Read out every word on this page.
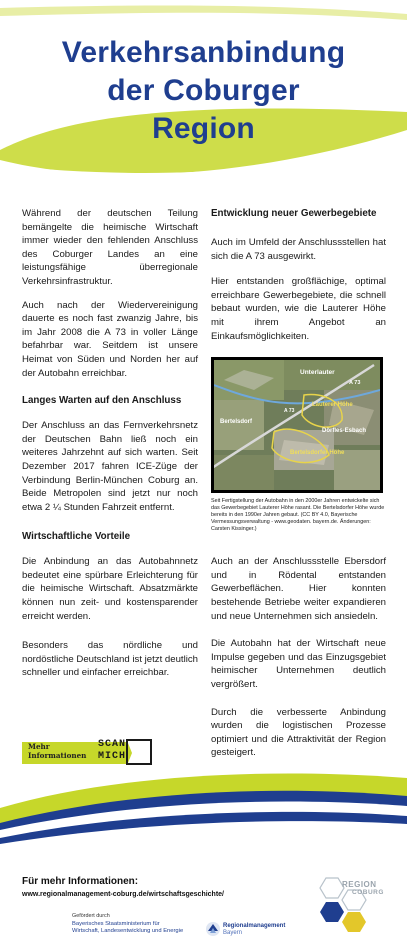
Verkehrsanbindung
der Coburger
Region

Während der deutschen Teilung bemängelte die heimische Wirtschaft immer wieder den fehlenden Anschluss des Coburger Landes an eine leistungsfähige überregionale Verkehrsinfrastruktur.

Auch nach der Wiedervereinigung dauerte es noch fast zwanzig Jahre, bis im Jahr 2008 die A 73 in voller Länge befahrbar war. Seitdem ist unsere Heimat von Süden und Norden her auf der Autobahn erreichbar.

Langes Warten auf den Anschluss

Der Anschluss an das Fernverkehrsnetz der Deutschen Bahn ließ noch ein weiteres Jahrzehnt auf sich warten. Seit Dezember 2017 fahren ICE-Züge der Verbindung Berlin-München Coburg an. Beide Metropolen sind jetzt nur noch etwa 2 ¼ Stunden Fahrzeit entfernt.

Wirtschaftliche Vorteile

Die Anbindung an das Autobahnnetz bedeutet eine spürbare Erleichterung für die heimische Wirtschaft. Absatzmärkte können nun zeit- und kostensparender erreicht werden.

Besonders das nördliche und nordöstliche Deutschland ist jetzt deutlich schneller und einfacher erreichbar.

Entwicklung neuer Gewerbegebiete

Auch im Umfeld der Anschlussstellen hat sich die A 73 ausgewirkt.

Hier entstanden großflächige, optimal erreichbare Gewerbegebiete, die schnell bebaut wurden, wie die Lauterer Höhe mit ihrem Angebot an Einkaufsmöglichkeiten.

Unterlauter
A 73
Lauterer Höhe
Bertelsdorf
A 73
Dörfles-Esbach
Bertelsdorfer Höhe
Seit Fertigstellung der Autobahn in den 2000er Jahren entwickelte sich das Gewerbegebiet Lauterer Höhe rasant. Die Bertelsdorfer Höhe wurde bereits in den 1990er Jahren gebaut. (CC BY 4.0, Bayerische Vermessungsverwaltung - www.geodaten. bayern.de. Änderungen: Carsten Kissinger.)

Auch an der Anschlussstelle Ebersdorf und in Rödental entstanden Gewerbeflächen. Hier konnten bestehende Betriebe weiter expandieren und neue Unternehmen sich ansiedeln.

Die Autobahn hat der Wirtschaft neue Impulse gegeben und das Einzugsgebiet heimischer Unternehmen deutlich vergrößert.

Durch die verbesserte Anbindung wurden die logistischen Prozesse optimiert und die Attraktivität der Region gesteigert.

Mehr
Informationen
SCAN
MICH
Für mehr Informationen:
www.regionalmanagement-coburg.de/wirtschaftsgeschichte/
Gefördert durch
Bayerisches Staatsministerium für
Wirtschaft, Landesentwicklung und Energie
Regionalmanagement
Bayern
REGION
COBURG
